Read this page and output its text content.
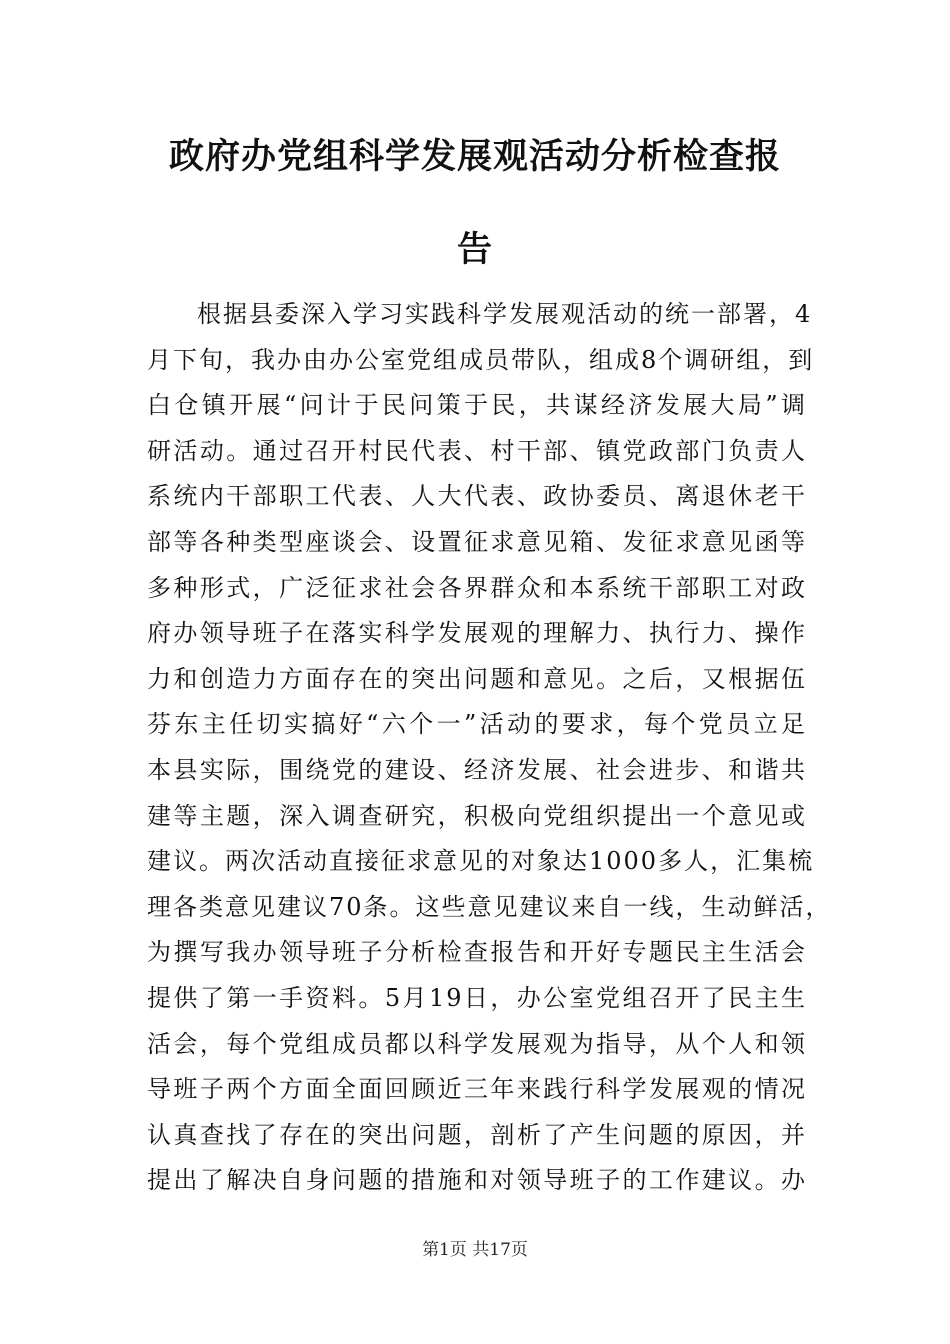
政府办党组科学发展观活动分析检查报
告
根据县委深入学习实践科学发展观活动的统一部署，4
月下旬，我办由办公室党组成员带队，组成8个调研组，到
白仓镇开展“问计于民问策于民，共谋经济发展大局”调
研活动。通过召开村民代表、村干部、镇党政部门负责人
系统内干部职工代表、人大代表、政协委员、离退休老干
部等各种类型座谈会、设置征求意见箱、发征求意见函等
多种形式，广泛征求社会各界群众和本系统干部职工对政
府办领导班子在落实科学发展观的理解力、执行力、操作
力和创造力方面存在的突出问题和意见。之后，又根据伍
芬东主任切实搞好“六个一”活动的要求，每个党员立足
本县实际，围绕党的建设、经济发展、社会进步、和谐共
建等主题，深入调查研究，积极向党组织提出一个意见或
建议。两次活动直接征求意见的对象达1000多人，汇集梳
理各类意见建议70条。这些意见建议来自一线，生动鲜活，
为撰写我办领导班子分析检查报告和开好专题民主生活会
提供了第一手资料。5月19日，办公室党组召开了民主生
活会，每个党组成员都以科学发展观为指导，从个人和领
导班子两个方面全面回顾近三年来践行科学发展观的情况
认真查找了存在的突出问题，剖析了产生问题的原因，并
提出了解决自身问题的措施和对领导班子的工作建议。办
第1页 共17页
